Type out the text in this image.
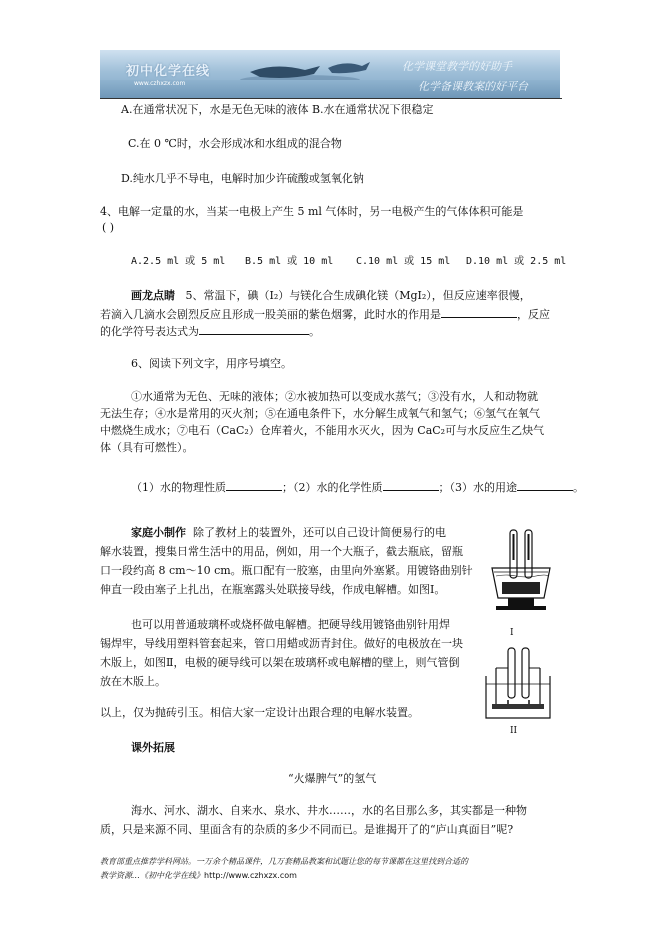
初中化学在线
www.czhxzx.com
化学课堂教学的好助手
化学备课教案的好平台
A.在通常状况下，水是无色无味的液体 B.水在通常状况下很稳定
C.在 0 ℃时，水会形成冰和水组成的混合物
D.纯水几乎不导电，电解时加少许硫酸或氢氧化钠
4、电解一定量的水，当某一电极上产生 5 ml 气体时，另一电极产生的气体体积可能是
( )
A.2.5 ml 或 5 ml B.5 ml 或 10 ml C.10 ml 或 15 ml D.10 ml 或 2.5 ml
画龙点睛 5、常温下，碘（I₂）与镁化合生成碘化镁（MgI₂），但反应速率很慢，
若滴入几滴水会剧烈反应且形成一股美丽的紫色烟雾，此时水的作用是	，反应
的化学符号表达式为	。
6、阅读下列文字，用序号填空。
①水通常为无色、无味的液体；②水被加热可以变成水蒸气；③没有水，人和动物就
无法生存；④水是常用的灭火剂；⑤在通电条件下，水分解生成氧气和氢气；⑥氢气在氧气
中燃烧生成水；⑦电石（CaC₂）仓库着火，不能用水灭火，因为 CaC₂可与水反应生乙炔气
体（具有可燃性）。
（1）水的物理性质	；（2）水的化学性质	；（3）水的用途	。
家庭小制作 除了教材上的装置外，还可以自己设计简便易行的电
解水装置，搜集日常生活中的用品，例如，用一个大瓶子，截去瓶底，留瓶
口一段约高 8 cm～10 cm。瓶口配有一胶塞，由里向外塞紧。用镀铬曲别针
伸直一段由塞子上扎出，在瓶塞露头处联接导线，作成电解槽。如图Ⅰ。
也可以用普通玻璃杯或烧杯做电解槽。把硬导线用镀铬曲别针用焊
锡焊牢，导线用塑料管套起来，管口用蜡或沥青封住。做好的电极放在一块
木版上，如图Ⅱ，电极的硬导线可以架在玻璃杯或电解槽的壁上，则气管倒
放在木版上。
以上，仅为抛砖引玉。相信大家一定设计出跟合理的电解水装置。
I
II
课外拓展
“火爆脾气”的氢气
海水、河水、湖水、自来水、泉水、井水……，水的名目那么多，其实都是一种物
质，只是来源不同、里面含有的杂质的多少不同而已。是谁揭开了的“庐山真面目”呢?
教育部重点推荐学科网站。一万余个精品课件，几万套精品教案和试题让您的每节课都在这里找到合适的
教学资源…《初中化学在线》http://www.czhxzx.com
